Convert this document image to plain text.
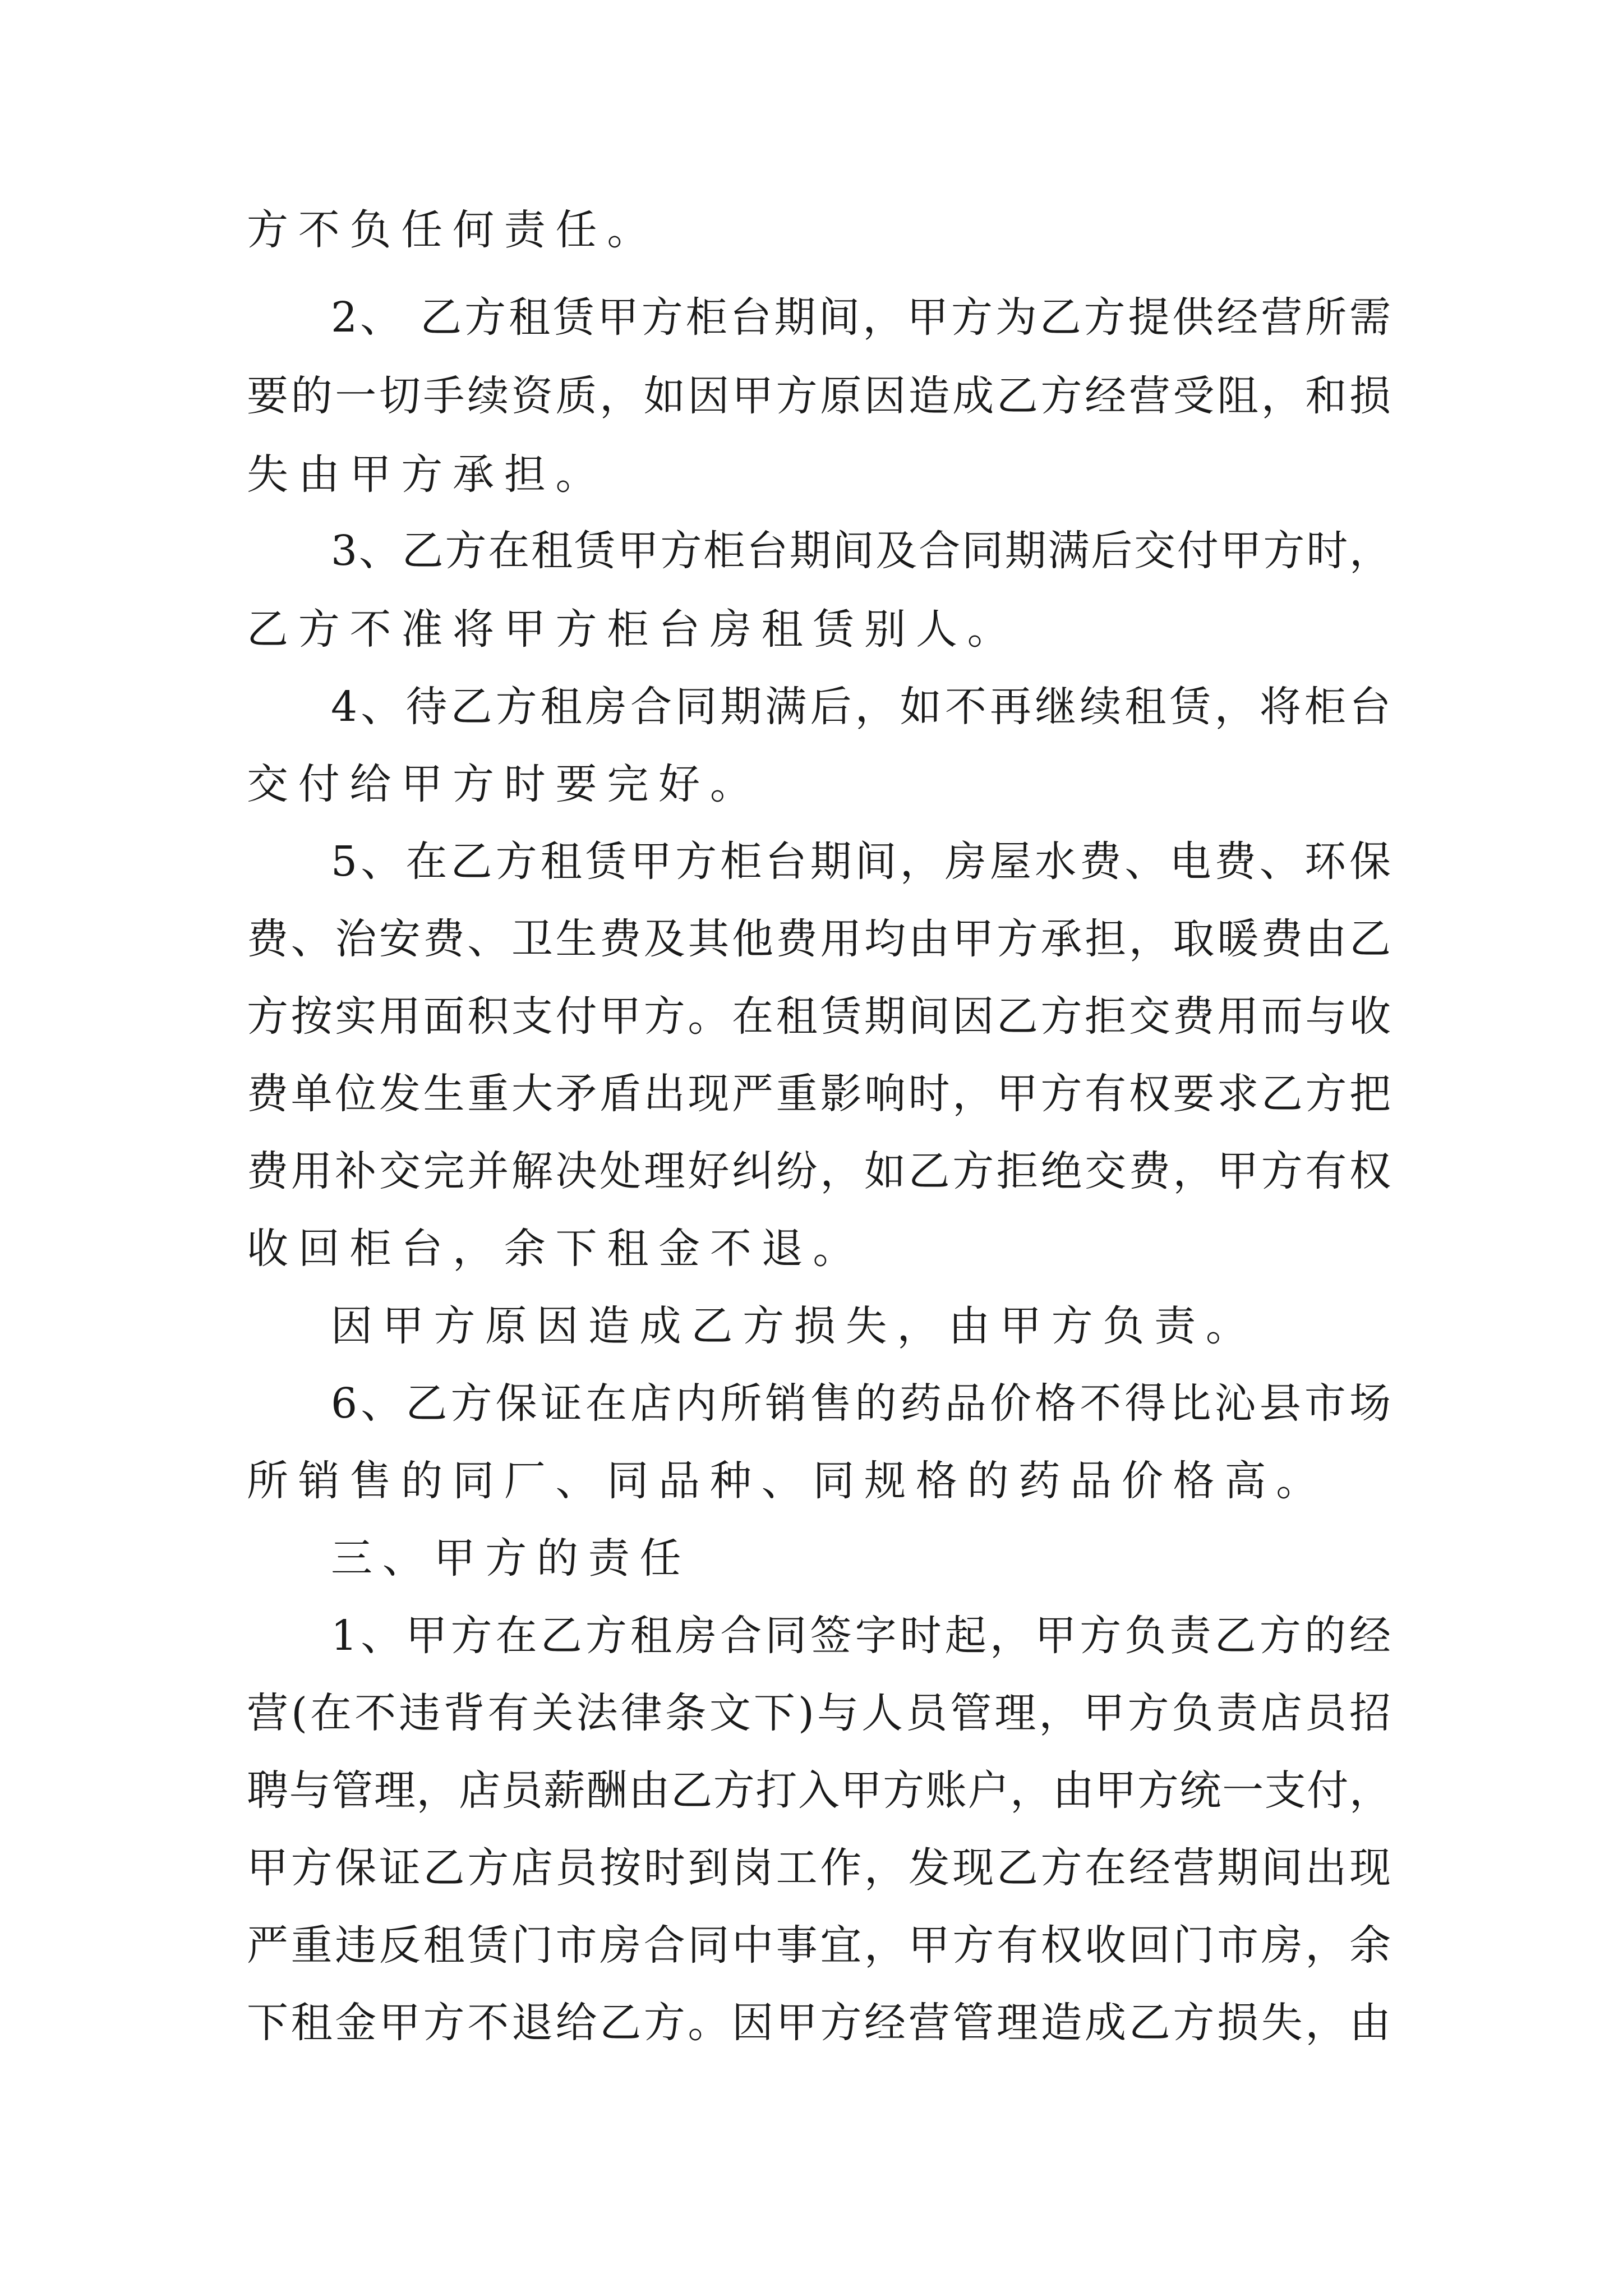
方不负任何责任。
2、 乙方租赁甲方柜台期间，甲方为乙方提供经营所需
要的一切手续资质，如因甲方原因造成乙方经营受阻，和损
失由甲方承担。
3、乙方在租赁甲方柜台期间及合同期满后交付甲方时，
乙方不准将甲方柜台房租赁别人。
4、待乙方租房合同期满后，如不再继续租赁，将柜台
交付给甲方时要完好。
5、在乙方租赁甲方柜台期间，房屋水费、电费、环保
费、治安费、卫生费及其他费用均由甲方承担，取暖费由乙
方按实用面积支付甲方。在租赁期间因乙方拒交费用而与收
费单位发生重大矛盾出现严重影响时，甲方有权要求乙方把
费用补交完并解决处理好纠纷，如乙方拒绝交费，甲方有权
收回柜台，余下租金不退。
因甲方原因造成乙方损失，由甲方负责。
6、乙方保证在店内所销售的药品价格不得比沁县市场
所销售的同厂、同品种、同规格的药品价格高。
三、甲方的责任
1、甲方在乙方租房合同签字时起，甲方负责乙方的经
营(在不违背有关法律条文下)与人员管理，甲方负责店员招
聘与管理，店员薪酬由乙方打入甲方账户，由甲方统一支付，
甲方保证乙方店员按时到岗工作，发现乙方在经营期间出现
严重违反租赁门市房合同中事宜，甲方有权收回门市房，余
下租金甲方不退给乙方。因甲方经营管理造成乙方损失，由
